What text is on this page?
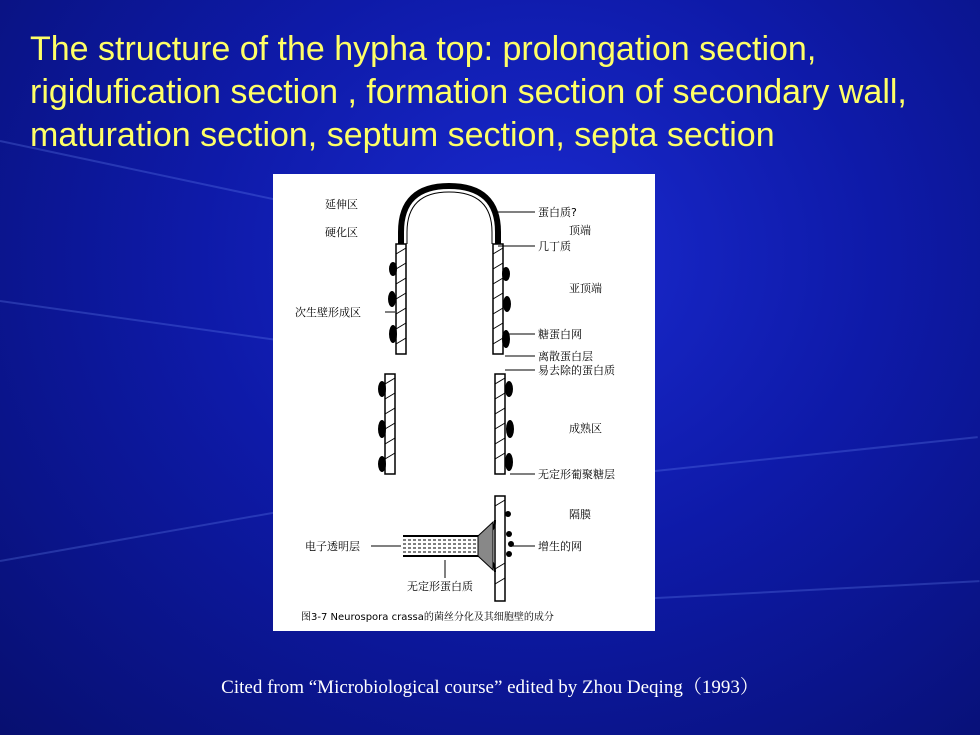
The structure of the hypha top: prolongation section, rigidufication section , formation section of secondary wall, maturation section, septum section, septa section
延伸区
硬化区
次生壁形成区
蛋白质?
顶端
几丁质
亚顶端
糖蛋白网
离散蛋白层
易去除的蛋白质
成熟区
无定形葡聚糖层
隔膜
电子透明层	增生的网
无定形蛋白质
图3-7 Neurospora crassa的菌丝分化及其细胞壁的成分
Cited from “Microbiological course” edited by Zhou Deqing（1993）
